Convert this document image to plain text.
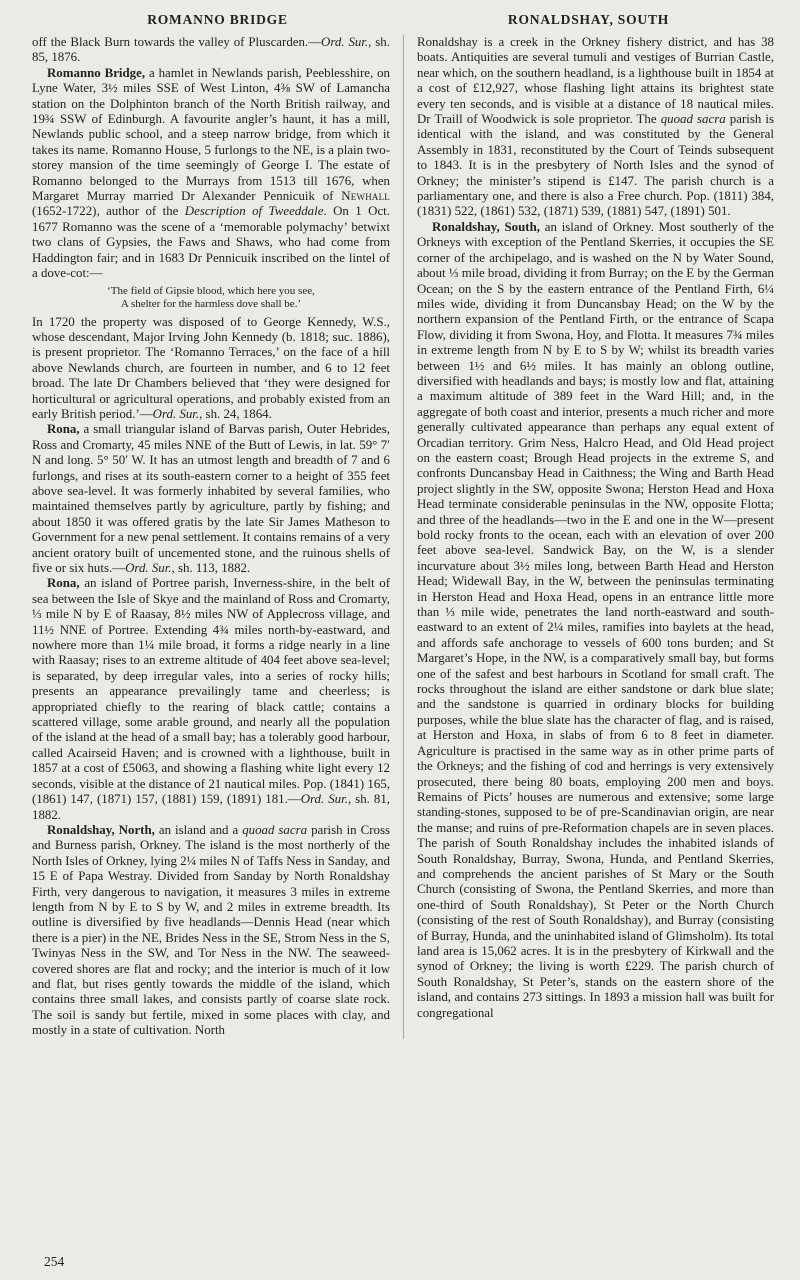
ROMANNO BRIDGE	RONALDSHAY, SOUTH

off the Black Burn towards the valley of Pluscarden.—Ord. Sur., sh. 85, 1876.

Romanno Bridge, a hamlet in Newlands parish, Peeblesshire, on Lyne Water, 3½ miles SSE of West Linton, 4⅜ SW of Lamancha station on the Dolphinton branch of the North British railway, and 19¾ SSW of Edinburgh. A favourite angler’s haunt, it has a mill, Newlands public school, and a steep narrow bridge, from which it takes its name. Romanno House, 5 furlongs to the NE, is a plain two-storey mansion of the time seemingly of George I. The estate of Romanno belonged to the Murrays from 1513 till 1676, when Margaret Murray married Dr Alexander Pennicuik of Newhall (1652-1722), author of the Description of Tweeddale. On 1 Oct. 1677 Romanno was the scene of a ‘memorable polymachy’ betwixt two clans of Gypsies, the Faws and Shaws, who had come from Haddington fair; and in 1683 Dr Pennicuik inscribed on the lintel of a dove-cot:—

‘The field of Gipsie blood, which here you see,
A shelter for the harmless dove shall be.’

In 1720 the property was disposed of to George Kennedy, W.S., whose descendant, Major Irving John Kennedy (b. 1818; suc. 1886), is present proprietor. The ‘Romanno Terraces,’ on the face of a hill above Newlands church, are fourteen in number, and 6 to 12 feet broad. The late Dr Chambers believed that ‘they were designed for horticultural or agricultural operations, and probably existed from an early British period.’—Ord. Sur., sh. 24, 1864.

Rona, a small triangular island of Barvas parish, Outer Hebrides, Ross and Cromarty, 45 miles NNE of the Butt of Lewis, in lat. 59° 7′ N and long. 5° 50′ W. It has an utmost length and breadth of 7 and 6 furlongs, and rises at its south-eastern corner to a height of 355 feet above sea-level. It was formerly inhabited by several families, who maintained themselves partly by agriculture, partly by fishing; and about 1850 it was offered gratis by the late Sir James Matheson to Government for a new penal settlement. It contains remains of a very ancient oratory built of uncemented stone, and the ruinous shells of five or six huts.—Ord. Sur., sh. 113, 1882.

Rona, an island of Portree parish, Inverness-shire, in the belt of sea between the Isle of Skye and the mainland of Ross and Cromarty, ⅓ mile N by E of Raasay, 8½ miles NW of Applecross village, and 11½ NNE of Portree. Extending 4¾ miles north-by-eastward, and nowhere more than 1¼ mile broad, it forms a ridge nearly in a line with Raasay; rises to an extreme altitude of 404 feet above sea-level; is separated, by deep irregular vales, into a series of rocky hills; presents an appearance prevailingly tame and cheerless; is appropriated chiefly to the rearing of black cattle; contains a scattered village, some arable ground, and nearly all the population of the island at the head of a small bay; has a tolerably good harbour, called Acairseid Haven; and is crowned with a lighthouse, built in 1857 at a cost of £5063, and showing a flashing white light every 12 seconds, visible at the distance of 21 nautical miles. Pop. (1841) 165, (1861) 147, (1871) 157, (1881) 159, (1891) 181.—Ord. Sur., sh. 81, 1882.

Ronaldshay, North, an island and a quoad sacra parish in Cross and Burness parish, Orkney. The island is the most northerly of the North Isles of Orkney, lying 2¼ miles N of Taffs Ness in Sanday, and 15 E of Papa Westray. Divided from Sanday by North Ronaldshay Firth, very dangerous to navigation, it measures 3 miles in extreme length from N by E to S by W, and 2 miles in extreme breadth. Its outline is diversified by five headlands—Dennis Head (near which there is a pier) in the NE, Brides Ness in the SE, Strom Ness in the S, Twinyas Ness in the SW, and Tor Ness in the NW. The seaweed-covered shores are flat and rocky; and the interior is much of it low and flat, but rises gently towards the middle of the island, which contains three small lakes, and consists partly of coarse slate rock. The soil is sandy but fertile, mixed in some places with clay, and mostly in a state of cultivation. North

Ronaldshay is a creek in the Orkney fishery district, and has 38 boats. Antiquities are several tumuli and vestiges of Burrian Castle, near which, on the southern headland, is a lighthouse built in 1854 at a cost of £12,927, whose flashing light attains its brightest state every ten seconds, and is visible at a distance of 18 nautical miles. Dr Traill of Woodwick is sole proprietor. The quoad sacra parish is identical with the island, and was constituted by the General Assembly in 1831, reconstituted by the Court of Teinds subsequent to 1843. It is in the presbytery of North Isles and the synod of Orkney; the minister’s stipend is £147. The parish church is a parliamentary one, and there is also a Free church. Pop. (1811) 384, (1831) 522, (1861) 532, (1871) 539, (1881) 547, (1891) 501.

Ronaldshay, South, an island of Orkney. Most southerly of the Orkneys with exception of the Pentland Skerries, it occupies the SE corner of the archipelago, and is washed on the N by Water Sound, about ⅓ mile broad, dividing it from Burray; on the E by the German Ocean; on the S by the eastern entrance of the Pentland Firth, 6¼ miles wide, dividing it from Duncansbay Head; on the W by the northern expansion of the Pentland Firth, or the entrance of Scapa Flow, dividing it from Swona, Hoy, and Flotta. It measures 7¾ miles in extreme length from N by E to S by W; whilst its breadth varies between 1½ and 6½ miles. It has mainly an oblong outline, diversified with headlands and bays; is mostly low and flat, attaining a maximum altitude of 389 feet in the Ward Hill; and, in the aggregate of both coast and interior, presents a much richer and more generally cultivated appearance than perhaps any equal extent of Orcadian territory. Grim Ness, Halcro Head, and Old Head project on the eastern coast; Brough Head projects in the extreme S, and confronts Duncansbay Head in Caithness; the Wing and Barth Head project slightly in the SW, opposite Swona; Herston Head and Hoxa Head terminate considerable peninsulas in the NW, opposite Flotta; and three of the headlands—two in the E and one in the W—present bold rocky fronts to the ocean, each with an elevation of over 200 feet above sea-level. Sandwick Bay, on the W, is a slender incurvature about 3½ miles long, between Barth Head and Herston Head; Widewall Bay, in the W, between the peninsulas terminating in Herston Head and Hoxa Head, opens in an entrance little more than ⅓ mile wide, penetrates the land north-eastward and south-eastward to an extent of 2¼ miles, ramifies into baylets at the head, and affords safe anchorage to vessels of 600 tons burden; and St Margaret’s Hope, in the NW, is a comparatively small bay, but forms one of the safest and best harbours in Scotland for small craft. The rocks throughout the island are either sandstone or dark blue slate; and the sandstone is quarried in ordinary blocks for building purposes, while the blue slate has the character of flag, and is raised, at Herston and Hoxa, in slabs of from 6 to 8 feet in diameter. Agriculture is practised in the same way as in other prime parts of the Orkneys; and the fishing of cod and herrings is very extensively prosecuted, there being 80 boats, employing 200 men and boys. Remains of Picts’ houses are numerous and extensive; some large standing-stones, supposed to be of pre-Scandinavian origin, are near the manse; and ruins of pre-Reformation chapels are in seven places. The parish of South Ronaldshay includes the inhabited islands of South Ronaldshay, Burray, Swona, Hunda, and Pentland Skerries, and comprehends the ancient parishes of St Mary or the South Church (consisting of Swona, the Pentland Skerries, and more than one-third of South Ronaldshay), St Peter or the North Church (consisting of the rest of South Ronaldshay), and Burray (consisting of Burray, Hunda, and the uninhabited island of Glimsholm). Its total land area is 15,062 acres. It is in the presbytery of Kirkwall and the synod of Orkney; the living is worth £229. The parish church of South Ronaldshay, St Peter’s, stands on the eastern shore of the island, and contains 273 sittings. In 1893 a mission hall was built for congregational

254
